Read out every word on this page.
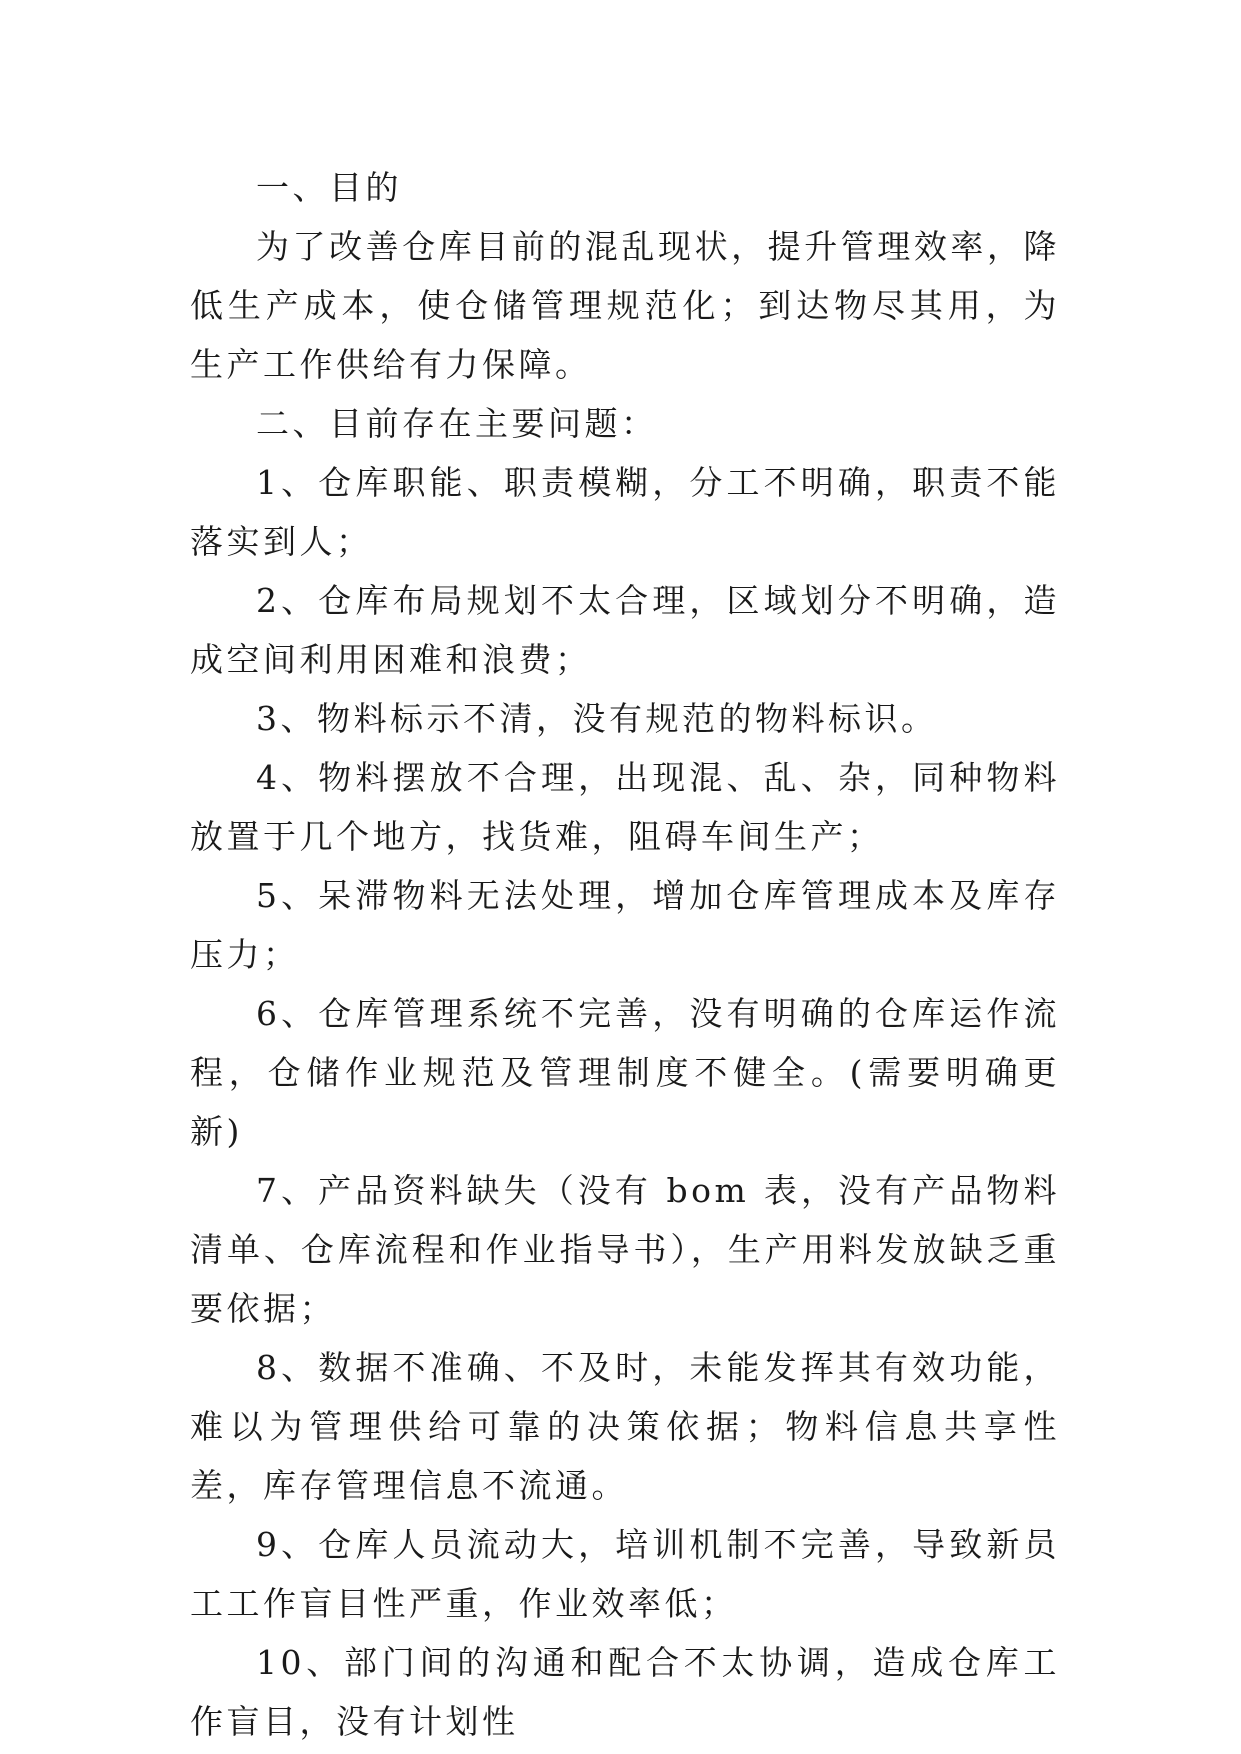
一、目的

为了改善仓库目前的混乱现状，提升管理效率，降低生产成本，使仓储管理规范化；到达物尽其用，为生产工作供给有力保障。

二、目前存在主要问题：

1、仓库职能、职责模糊，分工不明确，职责不能落实到人；

2、仓库布局规划不太合理，区域划分不明确，造成空间利用困难和浪费；

3、物料标示不清，没有规范的物料标识。

4、物料摆放不合理，出现混、乱、杂，同种物料放置于几个地方，找货难，阻碍车间生产；

5、呆滞物料无法处理，增加仓库管理成本及库存压力；

6、仓库管理系统不完善，没有明确的仓库运作流程，仓储作业规范及管理制度不健全。(需要明确更新)

7、产品资料缺失（没有 bom 表，没有产品物料清单、仓库流程和作业指导书），生产用料发放缺乏重要依据；

8、数据不准确、不及时，未能发挥其有效功能，难以为管理供给可靠的决策依据；物料信息共享性差，库存管理信息不流通。

9、仓库人员流动大，培训机制不完善，导致新员工工作盲目性严重，作业效率低；

10、部门间的沟通和配合不太协调，造成仓库工作盲目，没有计划性
